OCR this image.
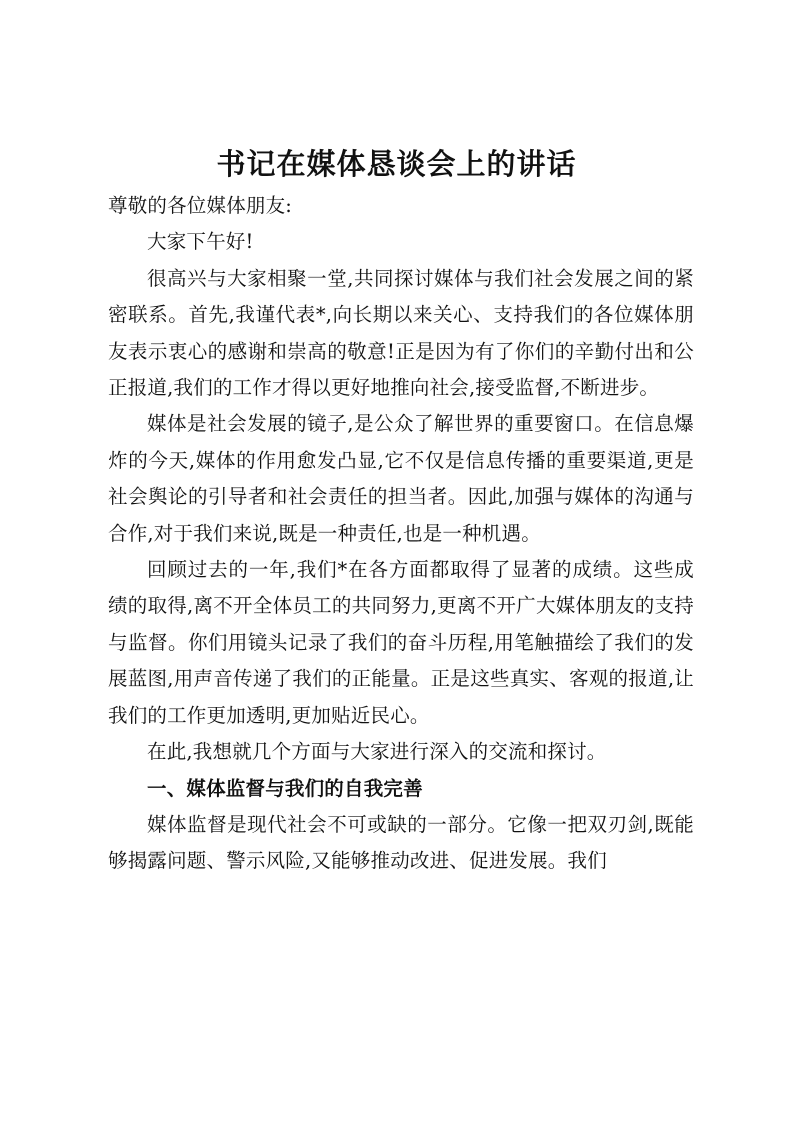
书记在媒体恳谈会上的讲话

尊敬的各位媒体朋友:

大家下午好!

很高兴与大家相聚一堂,共同探讨媒体与我们社会发展之间的紧密联系。首先,我谨代表*,向长期以来关心、支持我们的各位媒体朋友表示衷心的感谢和崇高的敬意!正是因为有了你们的辛勤付出和公正报道,我们的工作才得以更好地推向社会,接受监督,不断进步。

媒体是社会发展的镜子,是公众了解世界的重要窗口。在信息爆炸的今天,媒体的作用愈发凸显,它不仅是信息传播的重要渠道,更是社会舆论的引导者和社会责任的担当者。因此,加强与媒体的沟通与合作,对于我们来说,既是一种责任,也是一种机遇。

回顾过去的一年,我们*在各方面都取得了显著的成绩。这些成绩的取得,离不开全体员工的共同努力,更离不开广大媒体朋友的支持与监督。你们用镜头记录了我们的奋斗历程,用笔触描绘了我们的发展蓝图,用声音传递了我们的正能量。正是这些真实、客观的报道,让我们的工作更加透明,更加贴近民心。

在此,我想就几个方面与大家进行深入的交流和探讨。

一、媒体监督与我们的自我完善

媒体监督是现代社会不可或缺的一部分。它像一把双刃剑,既能够揭露问题、警示风险,又能够推动改进、促进发展。我们
